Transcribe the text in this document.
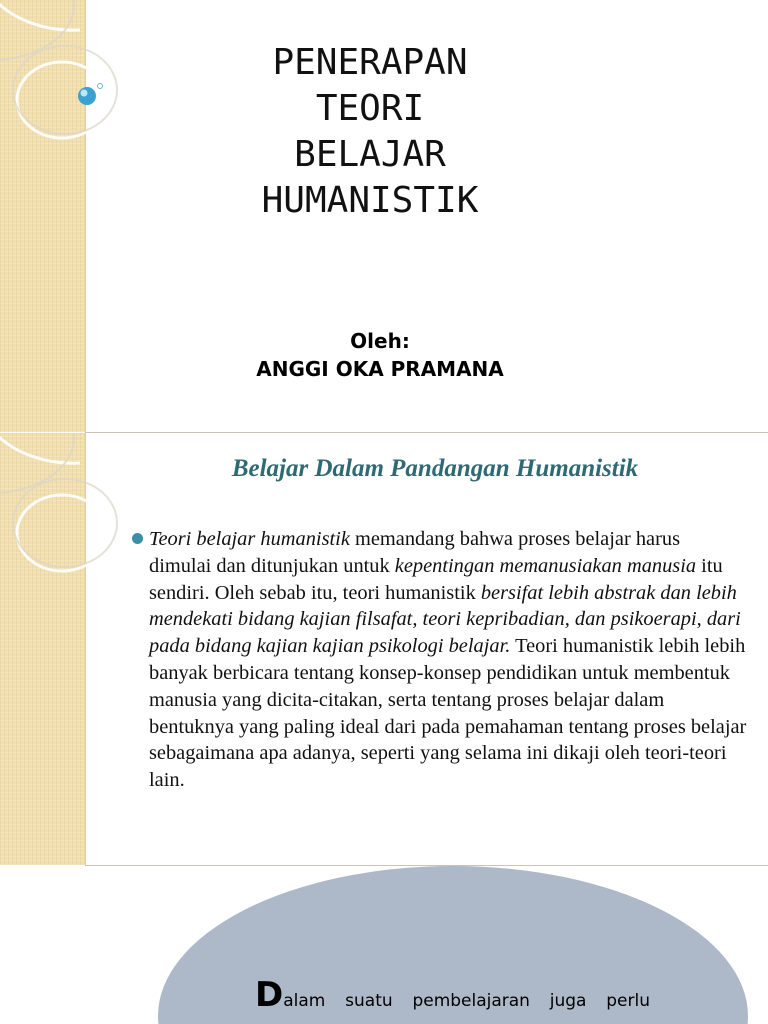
PENERAPAN
TEORI
BELAJAR
HUMANISTIK
Oleh:
ANGGI OKA PRAMANA
Belajar Dalam Pandangan Humanistik

Teori belajar humanistik memandang bahwa proses belajar harus dimulai dan ditunjukan untuk kepentingan memanusiakan manusia itu sendiri. Oleh sebab itu, teori humanistik bersifat lebih abstrak dan lebih mendekati bidang kajian filsafat, teori kepribadian, dan psikoerapi, dari pada bidang kajian kajian psikologi belajar. Teori humanistik lebih lebih banyak berbicara tentang konsep-konsep pendidikan untuk membentuk manusia yang dicita-citakan, serta tentang proses belajar dalam bentuknya yang paling ideal dari pada pemahaman tentang proses belajar sebagaimana apa adanya, seperti yang selama ini dikaji oleh teori-teori lain.

Dalam suatu pembelajaran juga perlu
